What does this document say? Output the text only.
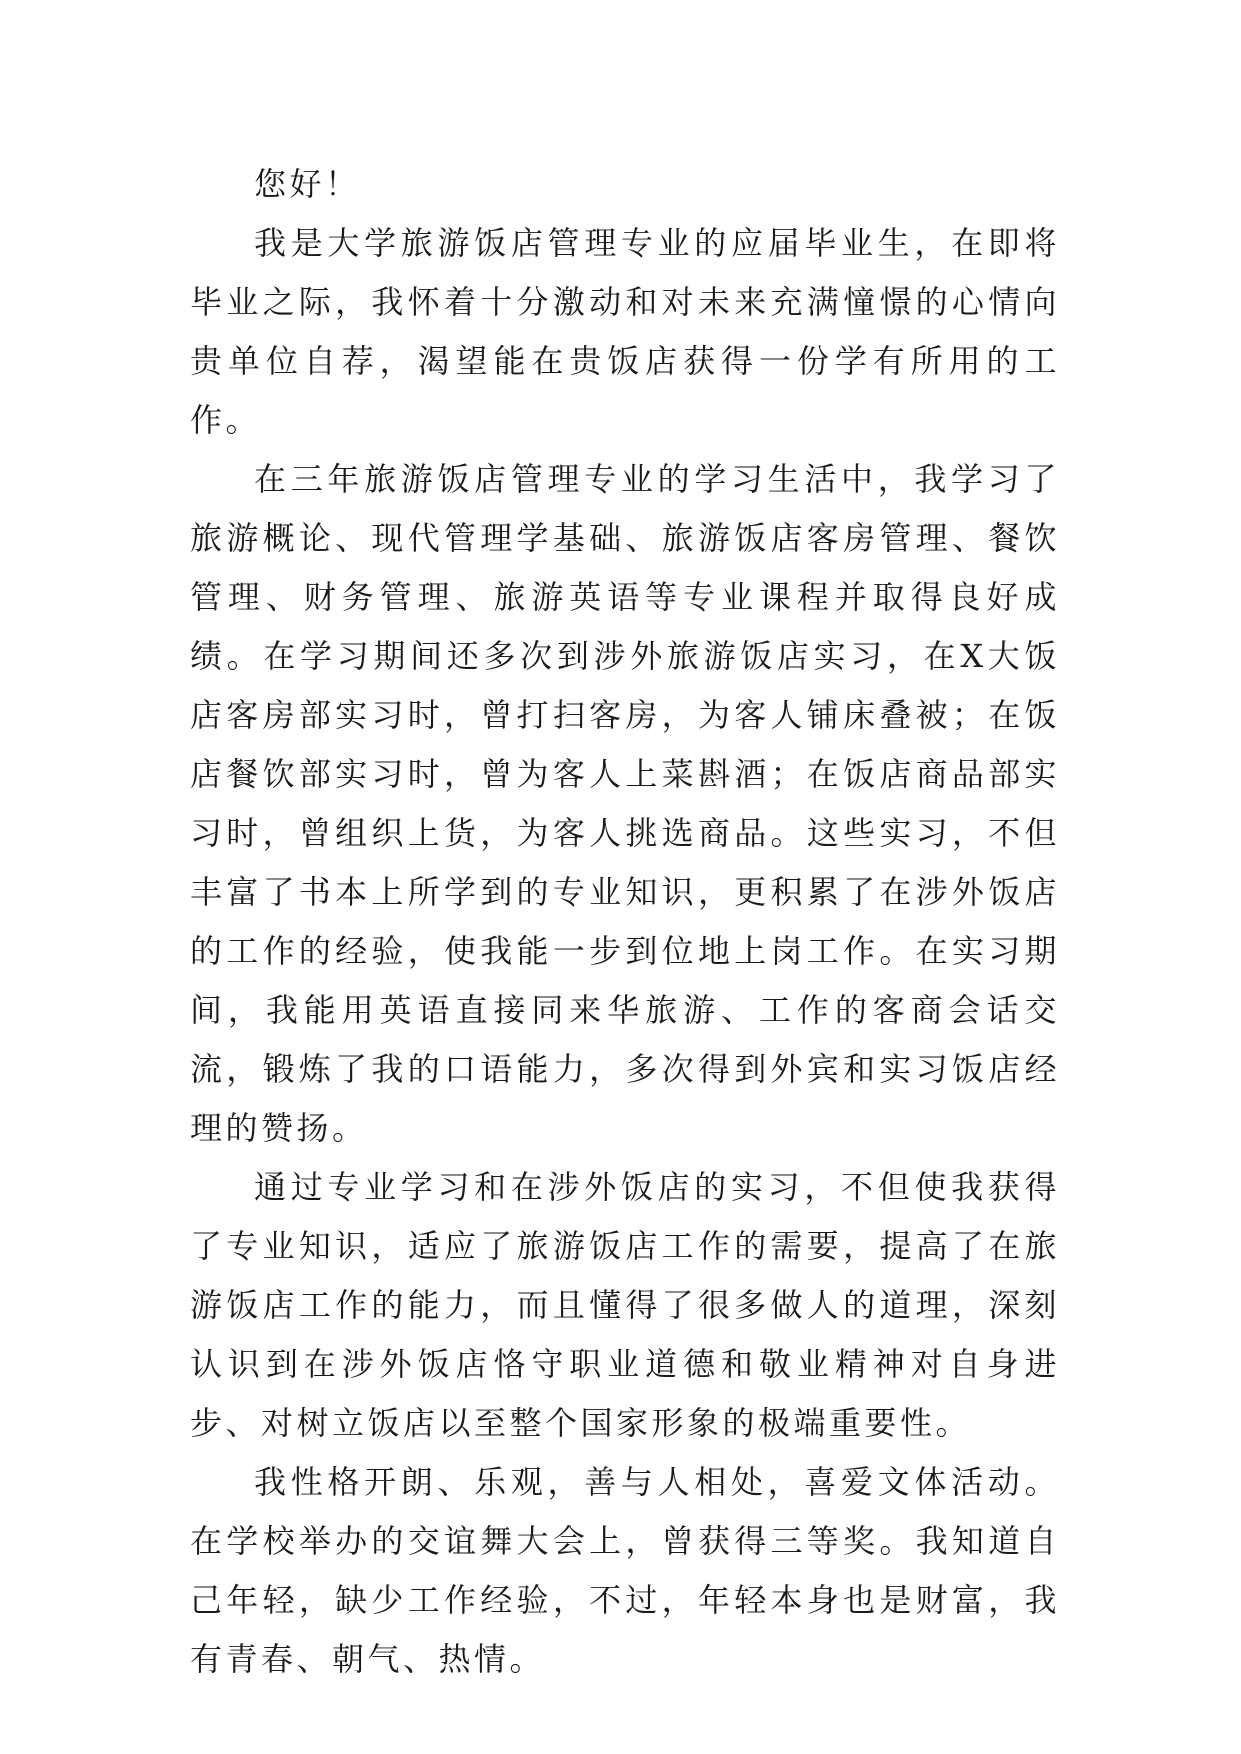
您好！

我是大学旅游饭店管理专业的应届毕业生，在即将毕业之际，我怀着十分激动和对未来充满憧憬的心情向贵单位自荐，渴望能在贵饭店获得一份学有所用的工作。

在三年旅游饭店管理专业的学习生活中，我学习了旅游概论、现代管理学基础、旅游饭店客房管理、餐饮管理、财务管理、旅游英语等专业课程并取得良好成绩。在学习期间还多次到涉外旅游饭店实习，在X大饭店客房部实习时，曾打扫客房，为客人铺床叠被；在饭店餐饮部实习时，曾为客人上菜斟酒；在饭店商品部实习时，曾组织上货，为客人挑选商品。这些实习，不但丰富了书本上所学到的专业知识，更积累了在涉外饭店的工作的经验，使我能一步到位地上岗工作。在实习期间，我能用英语直接同来华旅游、工作的客商会话交流，锻炼了我的口语能力，多次得到外宾和实习饭店经理的赞扬。

通过专业学习和在涉外饭店的实习，不但使我获得了专业知识，适应了旅游饭店工作的需要，提高了在旅游饭店工作的能力，而且懂得了很多做人的道理，深刻认识到在涉外饭店恪守职业道德和敬业精神对自身进步、对树立饭店以至整个国家形象的极端重要性。

我性格开朗、乐观，善与人相处，喜爱文体活动。在学校举办的交谊舞大会上，曾获得三等奖。我知道自己年轻，缺少工作经验，不过，年轻本身也是财富，我有青春、朝气、热情。
